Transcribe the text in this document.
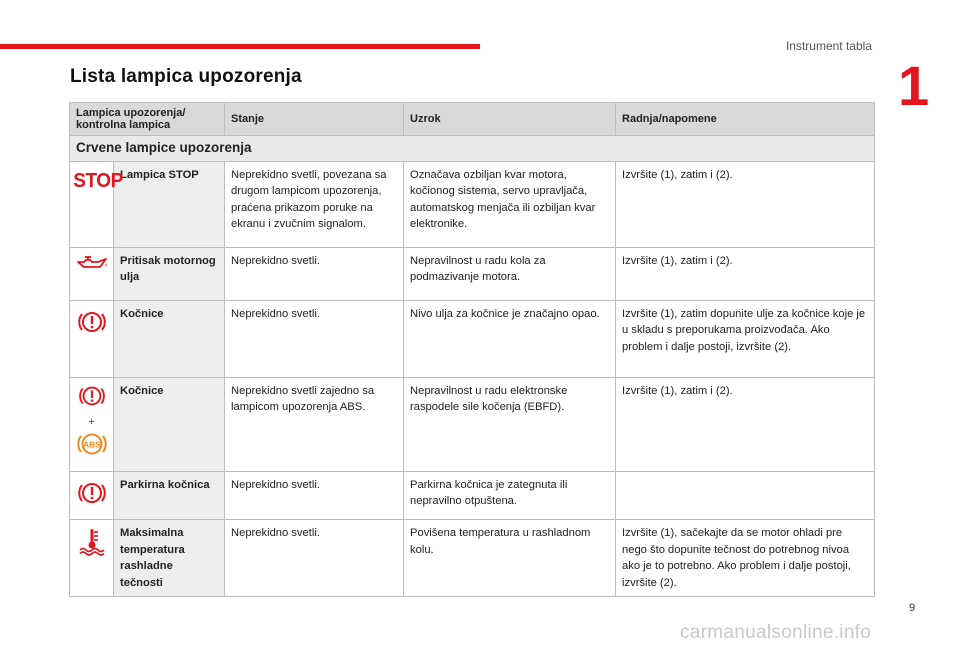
Instrument tabla
1
Lista lampica upozorenja
Lampica upozorenja/ kontrolna lampica		Stanje	Uzrok	Radnja/napomene
Crvene lampice upozorenja				
STOP	Lampica STOP	Neprekidno svetli, povezana sa drugom lampicom upozorenja, praćena prikazom poruke na ekranu i zvučnim signalom.	Označava ozbiljan kvar motora, kočionog sistema, servo upravljača, automatskog menjača ili ozbiljan kvar elektronike.	Izvršite (1), zatim i (2).
	Pritisak motornog ulja	Neprekidno svetli.	Nepravilnost u radu kola za podmazivanje motora.	Izvršite (1), zatim i (2).
	Kočnice	Neprekidno svetli.	Nivo ulja za kočnice je značajno opao.	Izvršite (1), zatim dopunite ulje za kočnice koje je u skladu s preporukama proizvođača. Ako problem i dalje postoji, izvršite (2).

+
ABS	Kočnice	Neprekidno svetli zajedno sa lampicom upozorenja ABS.	Nepravilnost u radu elektronske raspodele sile kočenja (EBFD).	Izvršite (1), zatim i (2).
	Parkirna kočnica	Neprekidno svetli.	Parkirna kočnica je zategnuta ili nepravilno otpuštena.	
	Maksimalna temperatura rashladne tečnosti	Neprekidno svetli.	Povišena temperatura u rashladnom kolu.	Izvršite (1), sačekajte da se motor ohladi pre nego što dopunite tečnost do potrebnog nivoa ako je to potrebno. Ako problem i dalje postoji, izvršite (2).
9
carmanualsonline.info
